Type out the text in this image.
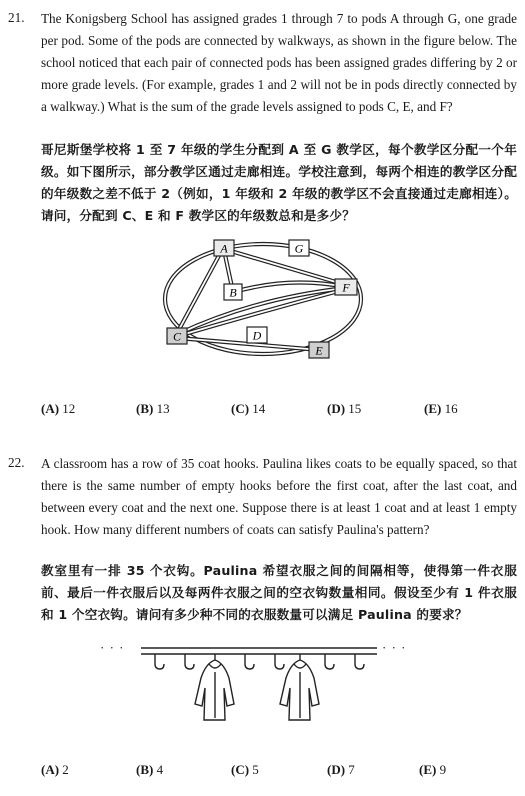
21. The Konigsberg School has assigned grades 1 through 7 to pods A through G, one grade per pod. Some of the pods are connected by walkways, as shown in the figure below. The school noticed that each pair of connected pods has been assigned grades differing by 2 or more grade levels. (For example, grades 1 and 2 will not be in pods directly connected by a walkway.) What is the sum of the grade levels assigned to pods C, E, and F?
哥尼斯堡学校将 1 至 7 年级的学生分配到 A 至 G 教学区，每个教学区分配一个年级。如下图所示，部分教学区通过走廊相连。学校注意到，每两个相连的教学区分配的年级数之差不低于 2（例如，1 年级和 2 年级的教学区不会直接通过走廊相连）。请问，分配到 C、E 和 F 教学区的年级数总和是多少？
A	G
B	F
C	D
E
(A) 12	(B) 13	(C) 14	(D) 15	(E) 16
22. A classroom has a row of 35 coat hooks. Paulina likes coats to be equally spaced, so that there is the same number of empty hooks before the first coat, after the last coat, and between every coat and the next one. Suppose there is at least 1 coat and at least 1 empty hook. How many different numbers of coats can satisfy Paulina's pattern?
教室里有一排 35 个衣钩。Paulina 希望衣服之间的间隔相等，使得第一件衣服前、最后一件衣服后以及每两件衣服之间的空衣钩数量相同。假设至少有 1 件衣服和 1 个空衣钩。请问有多少种不同的衣服数量可以满足 Paulina 的要求？
· · ·	· · ·
(A) 2	(B) 4	(C) 5	(D) 7	(E) 9
